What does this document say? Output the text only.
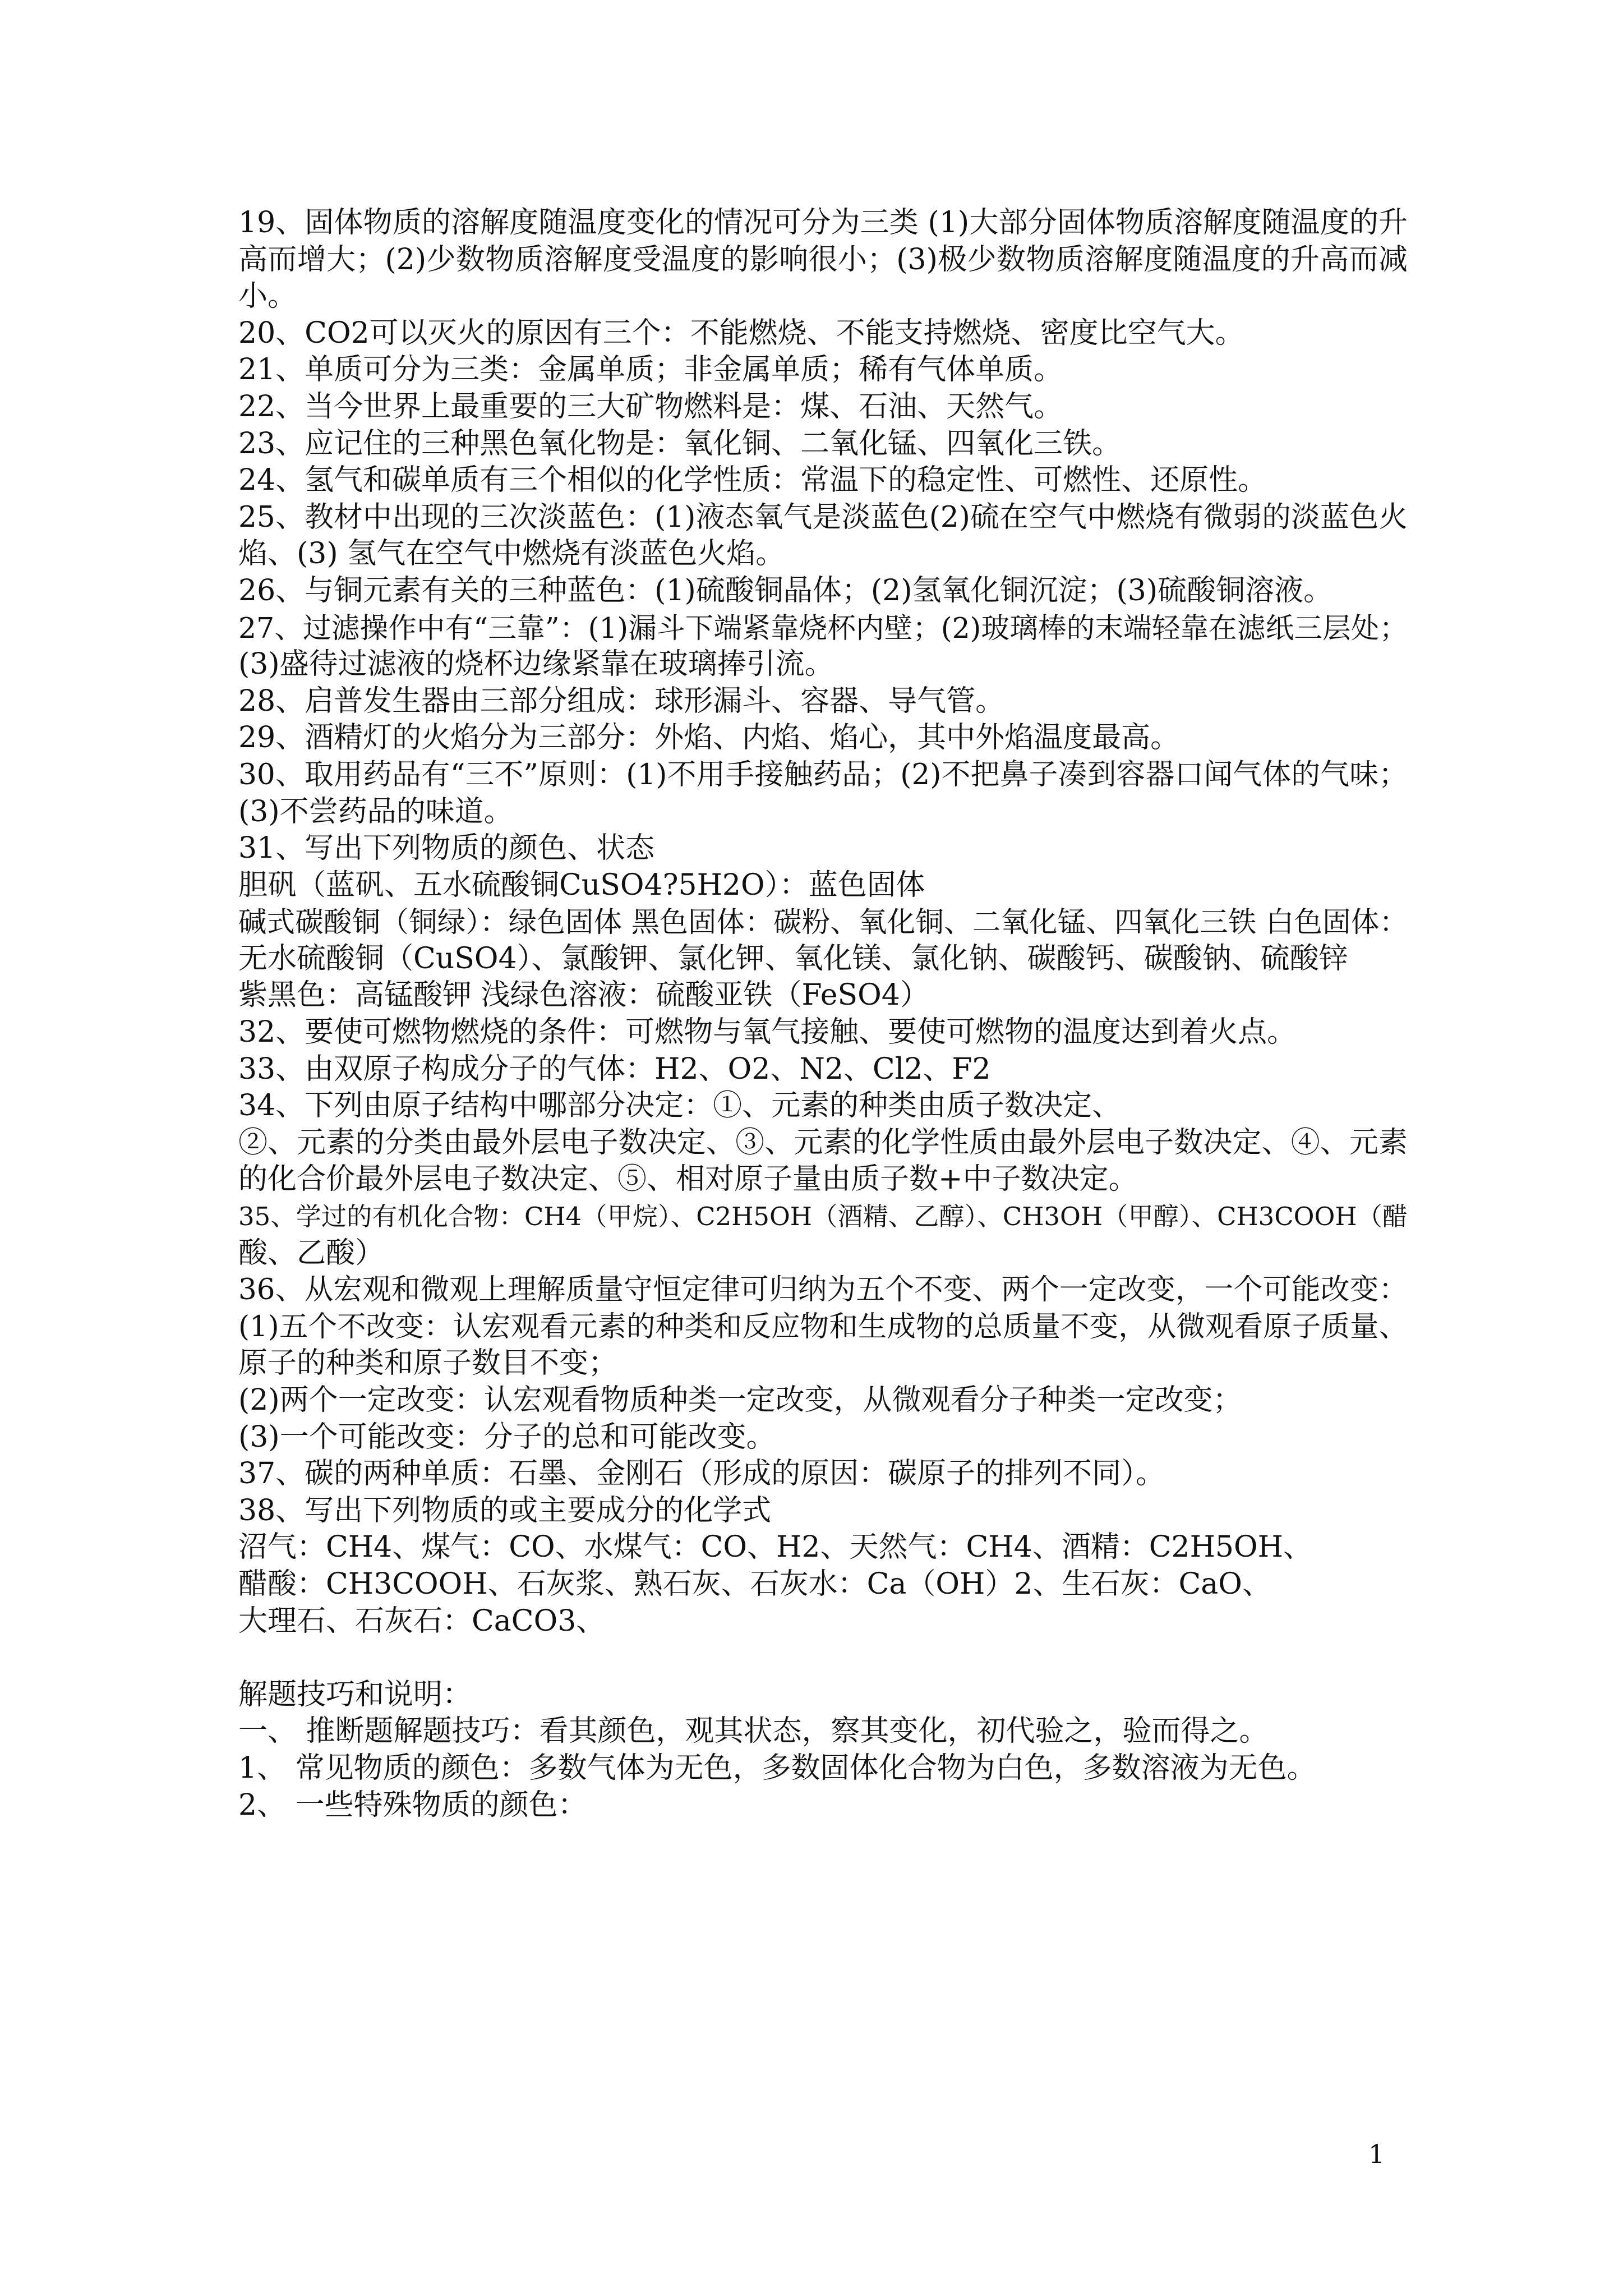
19、固体物质的溶解度随温度变化的情况可分为三类 (1)大部分固体物质溶解度随温度的升
高而增大；(2)少数物质溶解度受温度的影响很小；(3)极少数物质溶解度随温度的升高而减
小。
20、CO2可以灭火的原因有三个：不能燃烧、不能支持燃烧、密度比空气大。
21、单质可分为三类：金属单质；非金属单质；稀有气体单质。
22、当今世界上最重要的三大矿物燃料是：煤、石油、天然气。
23、应记住的三种黑色氧化物是：氧化铜、二氧化锰、四氧化三铁。
24、氢气和碳单质有三个相似的化学性质：常温下的稳定性、可燃性、还原性。
25、教材中出现的三次淡蓝色：(1)液态氧气是淡蓝色(2)硫在空气中燃烧有微弱的淡蓝色火
焰、(3) 氢气在空气中燃烧有淡蓝色火焰。
26、与铜元素有关的三种蓝色：(1)硫酸铜晶体；(2)氢氧化铜沉淀；(3)硫酸铜溶液。
27、过滤操作中有“三靠”：(1)漏斗下端紧靠烧杯内壁；(2)玻璃棒的末端轻靠在滤纸三层处；
(3)盛待过滤液的烧杯边缘紧靠在玻璃捧引流。
28、启普发生器由三部分组成：球形漏斗、容器、导气管。
29、酒精灯的火焰分为三部分：外焰、内焰、焰心，其中外焰温度最高。
30、取用药品有“三不”原则：(1)不用手接触药品；(2)不把鼻子凑到容器口闻气体的气味；
(3)不尝药品的味道。
31、写出下列物质的颜色、状态
胆矾（蓝矾、五水硫酸铜CuSO4?5H2O）：蓝色固体
碱式碳酸铜（铜绿）：绿色固体 黑色固体：碳粉、氧化铜、二氧化锰、四氧化三铁 白色固体：
无水硫酸铜（CuSO4）、氯酸钾、氯化钾、氧化镁、氯化钠、碳酸钙、碳酸钠、硫酸锌
紫黑色：高锰酸钾 浅绿色溶液：硫酸亚铁（FeSO4）
32、要使可燃物燃烧的条件：可燃物与氧气接触、要使可燃物的温度达到着火点。
33、由双原子构成分子的气体：H2、O2、N2、Cl2、F2
34、下列由原子结构中哪部分决定：①、元素的种类由质子数决定、
②、元素的分类由最外层电子数决定、③、元素的化学性质由最外层电子数决定、④、元素
的化合价最外层电子数决定、⑤、相对原子量由质子数+中子数决定。
35、学过的有机化合物：CH4（甲烷）、C2H5OH（酒精、乙醇）、CH3OH（甲醇）、CH3COOH（醋
酸、乙酸）
36、从宏观和微观上理解质量守恒定律可归纳为五个不变、两个一定改变，一个可能改变：
(1)五个不改变：认宏观看元素的种类和反应物和生成物的总质量不变，从微观看原子质量、
原子的种类和原子数目不变；
(2)两个一定改变：认宏观看物质种类一定改变，从微观看分子种类一定改变；
(3)一个可能改变：分子的总和可能改变。
37、碳的两种单质：石墨、金刚石（形成的原因：碳原子的排列不同）。
38、写出下列物质的或主要成分的化学式
沼气：CH4、煤气：CO、水煤气：CO、H2、天然气：CH4、酒精：C2H5OH、
醋酸：CH3COOH、石灰浆、熟石灰、石灰水：Ca（OH）2、生石灰：CaO、
大理石、石灰石：CaCO3、
解题技巧和说明：
一、 推断题解题技巧：看其颜色，观其状态，察其变化，初代验之，验而得之。
1、 常见物质的颜色：多数气体为无色，多数固体化合物为白色，多数溶液为无色。
2、 一些特殊物质的颜色：
1
